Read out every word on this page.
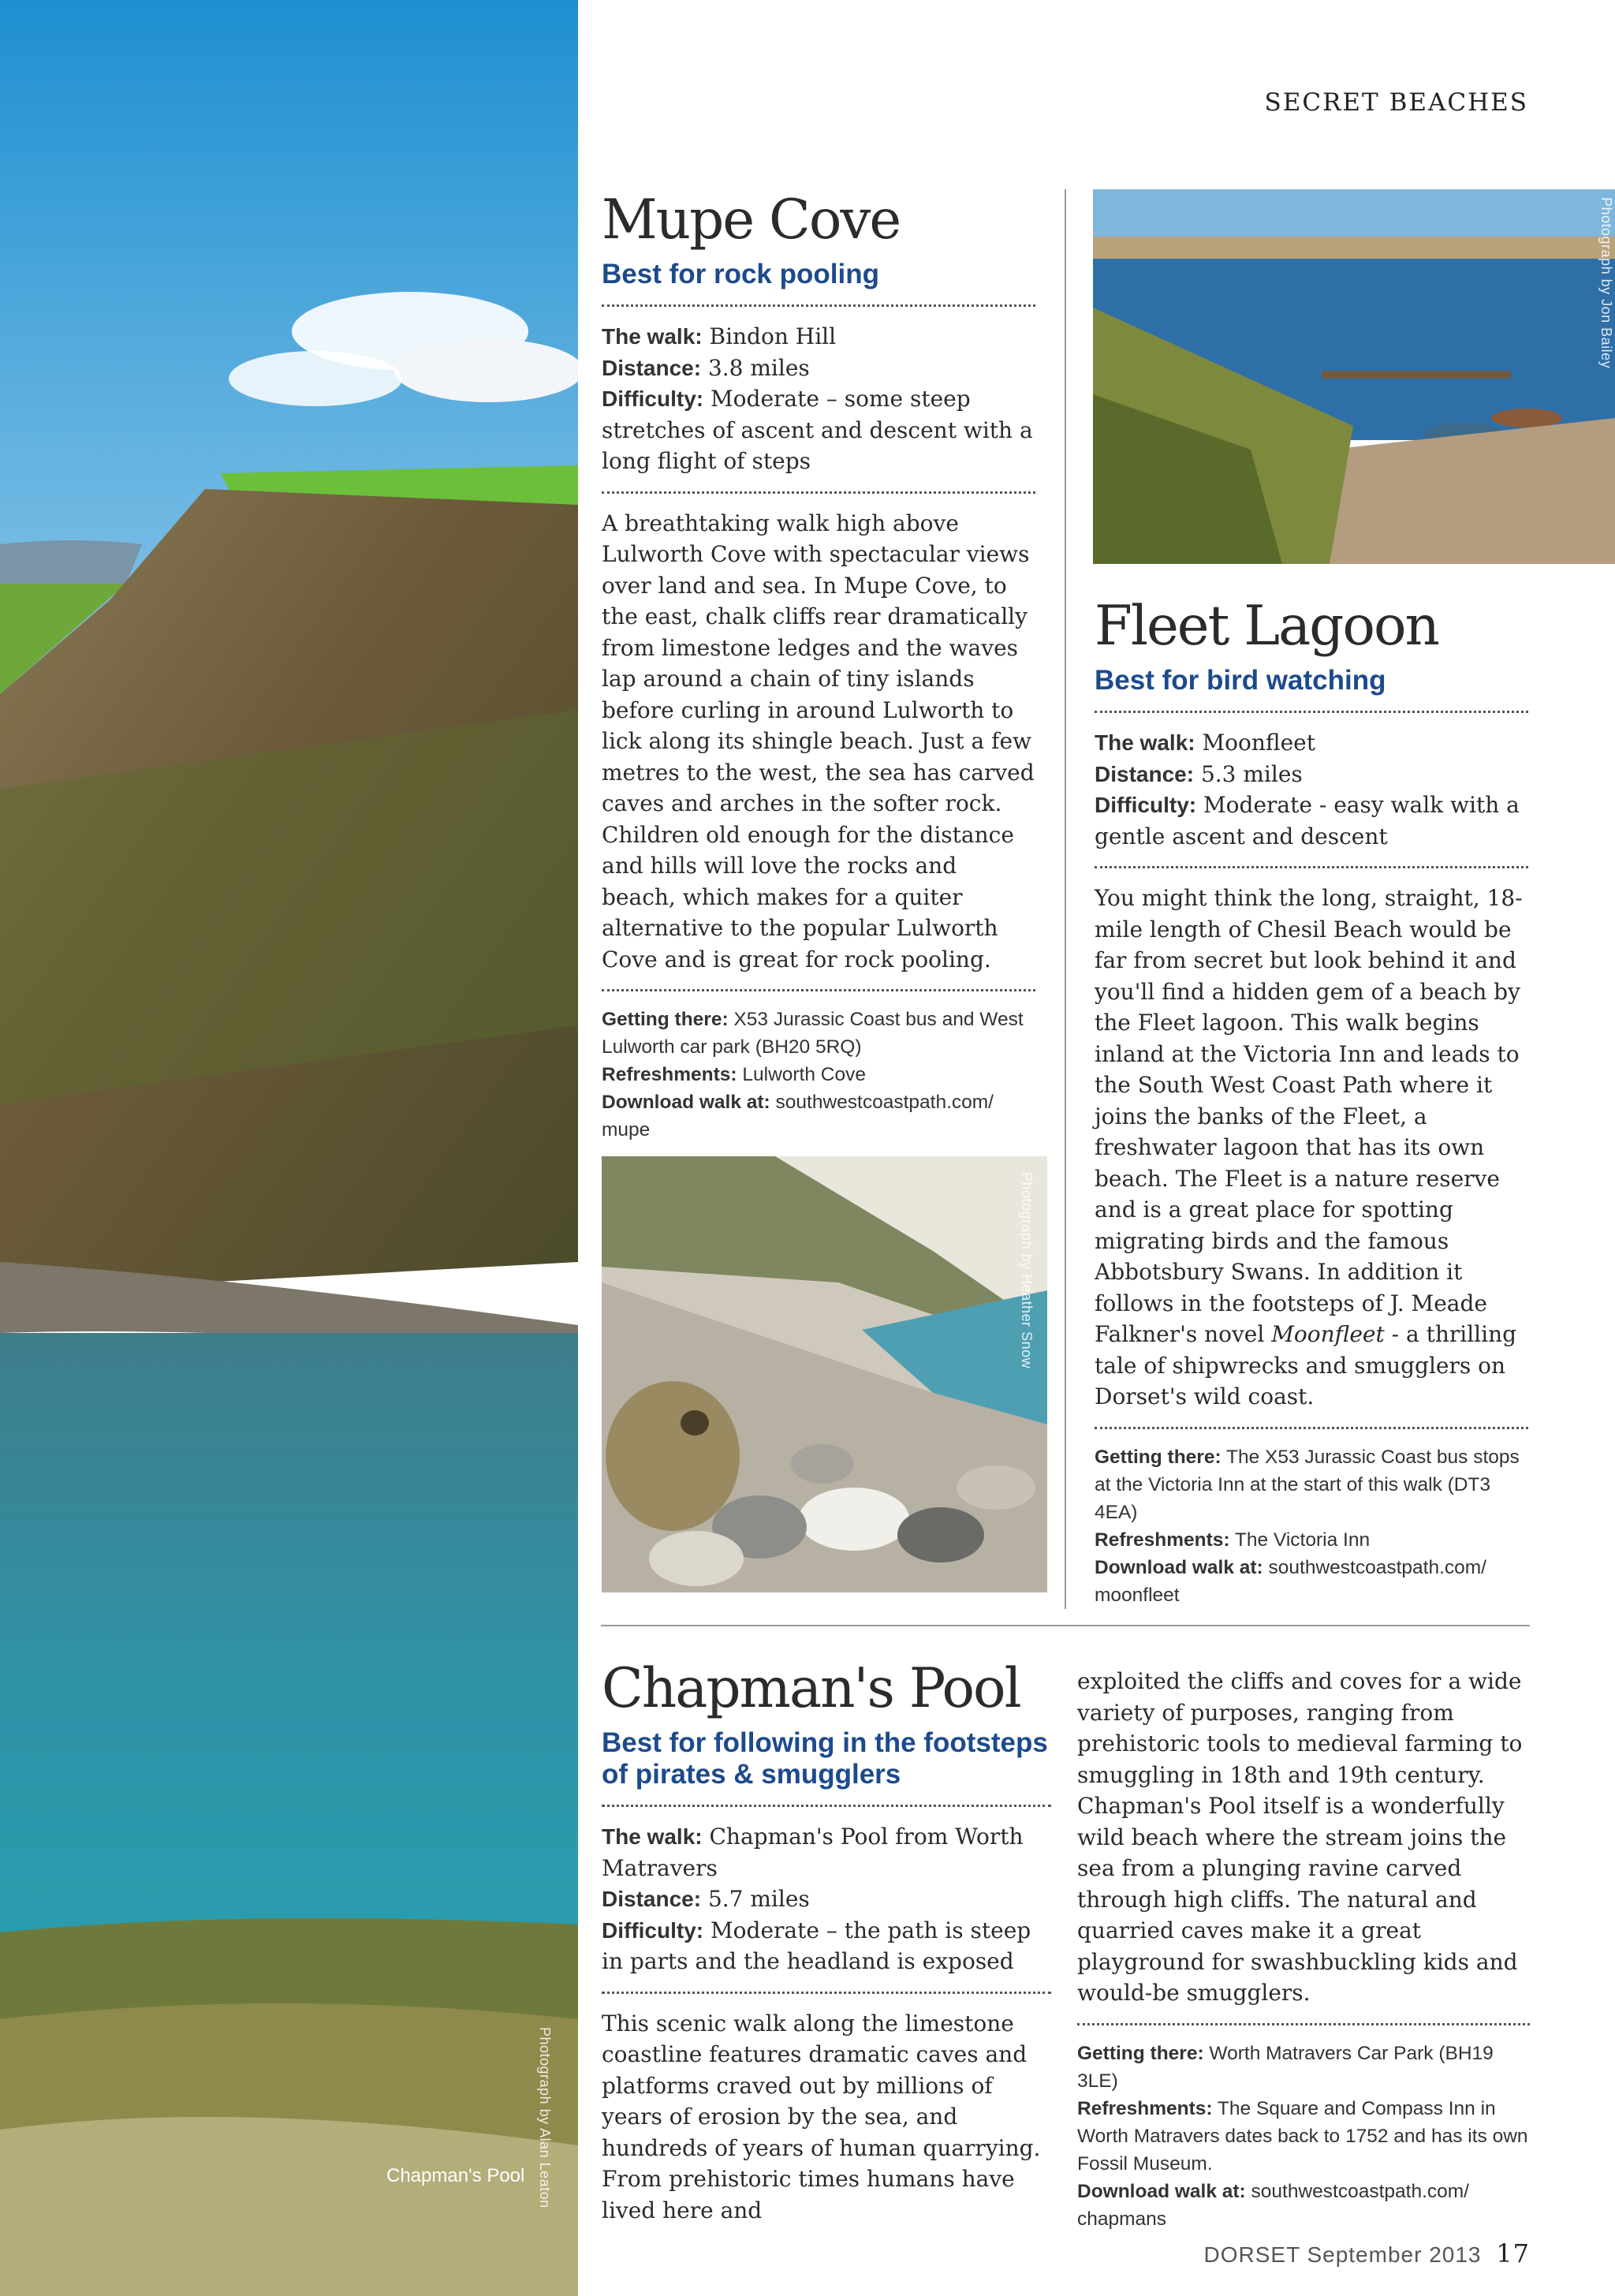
Photograph by Alan Leaton
Chapman's Pool
SECRET BEACHES
Mupe Cove
Best for rock pooling
The walk: Bindon Hill
Distance: 3.8 miles
Difficulty: Moderate – some steep stretches of ascent and descent with a long flight of steps
A breathtaking walk high above Lulworth Cove with spectacular views over land and sea. In Mupe Cove, to the east, chalk cliffs rear dramatically from limestone ledges and the waves lap around a chain of tiny islands before curling in around Lulworth to lick along its shingle beach. Just a few metres to the west, the sea has carved caves and arches in the softer rock. Children old enough for the distance and hills will love the rocks and beach, which makes for a quiter alternative to the popular Lulworth Cove and is great for rock pooling.
Getting there: X53 Jurassic Coast bus and West Lulworth car park (BH20 5RQ)
Refreshments: Lulworth Cove
Download walk at: southwestcoastpath.com/ mupe
Photograph by Heather Snow
Photograph by Jon Bailey
Fleet Lagoon
Best for bird watching
The walk: Moonfleet
Distance: 5.3 miles
Difficulty: Moderate - easy walk with a gentle ascent and descent
You might think the long, straight, 18-mile length of Chesil Beach would be far from secret but look behind it and you'll find a hidden gem of a beach by the Fleet lagoon. This walk begins inland at the Victoria Inn and leads to the South West Coast Path where it joins the banks of the Fleet, a freshwater lagoon that has its own beach. The Fleet is a nature reserve and is a great place for spotting migrating birds and the famous Abbotsbury Swans. In addition it follows in the footsteps of J. Meade Falkner's novel Moonfleet - a thrilling tale of shipwrecks and smugglers on Dorset's wild coast.
Getting there: The X53 Jurassic Coast bus stops at the Victoria Inn at the start of this walk (DT3 4EA)
Refreshments: The Victoria Inn
Download walk at: southwestcoastpath.com/ moonfleet
Chapman's Pool
Best for following in the footsteps of pirates & smugglers
The walk: Chapman's Pool from Worth Matravers
Distance: 5.7 miles
Difficulty: Moderate – the path is steep in parts and the headland is exposed
This scenic walk along the limestone coastline features dramatic caves and platforms craved out by millions of years of erosion by the sea, and hundreds of years of human quarrying. From prehistoric times humans have lived here and
exploited the cliffs and coves for a wide variety of purposes, ranging from prehistoric tools to medieval farming to smuggling in 18th and 19th century. Chapman's Pool itself is a wonderfully wild beach where the stream joins the sea from a plunging ravine carved through high cliffs. The natural and quarried caves make it a great playground for swashbuckling kids and would-be smugglers.
Getting there: Worth Matravers Car Park (BH19 3LE)
Refreshments: The Square and Compass Inn in Worth Matravers dates back to 1752 and has its own Fossil Museum.
Download walk at: southwestcoastpath.com/ chapmans
DORSET September 2013 17
